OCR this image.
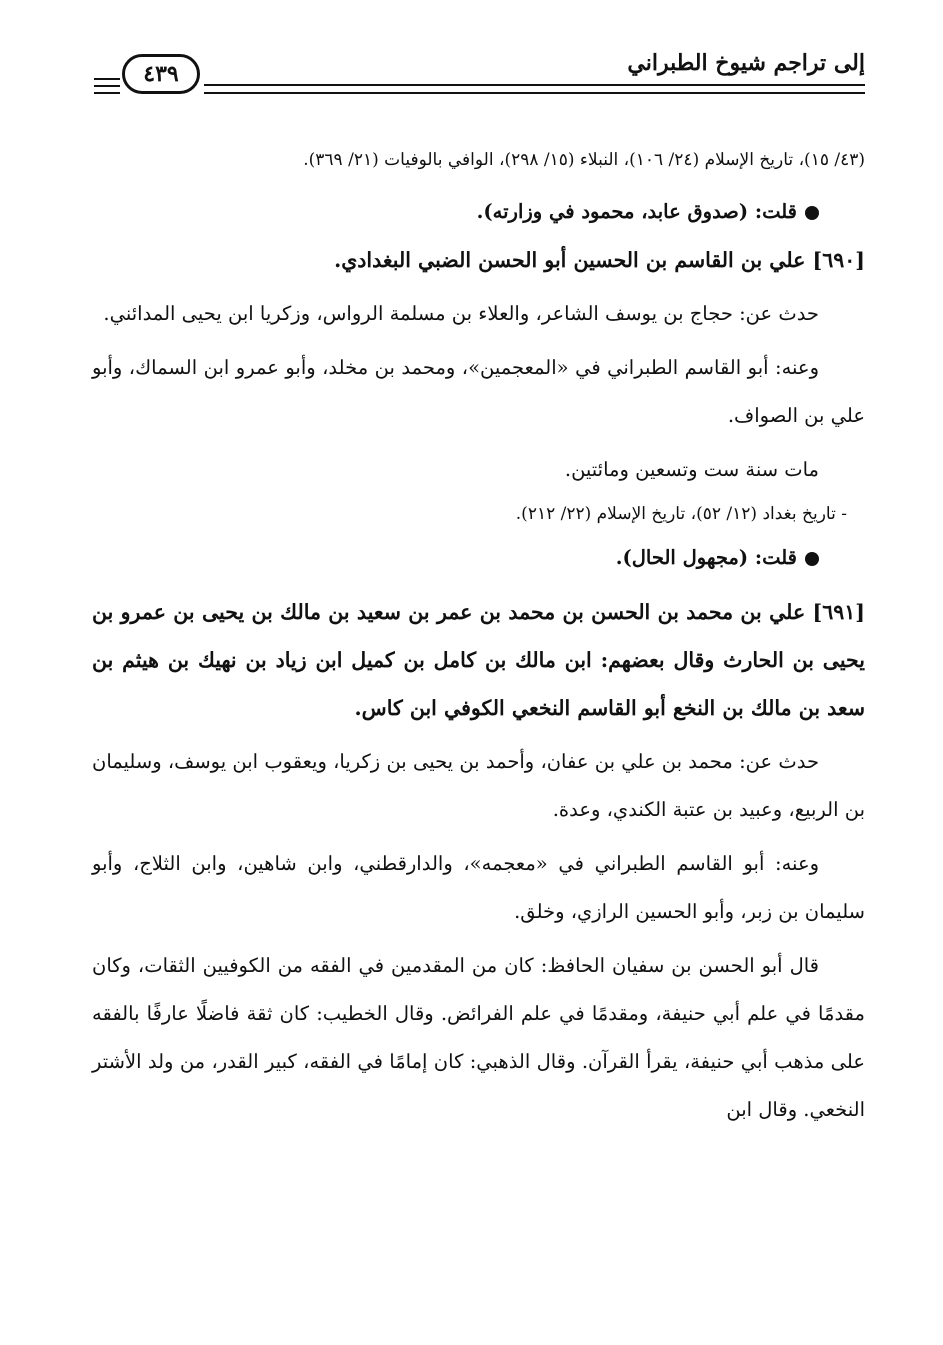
إلى تراجم شيوخ الطبراني
٤٣٩

(٤٣/ ١٥)، تاريخ الإسلام (٢٤/ ١٠٦)، النبلاء (١٥/ ٢٩٨)، الوافي بالوفيات (٢١/ ٣٦٩).

قلت: (صدوق عابد، محمود في وزارته).

[٦٩٠] علي بن القاسم بن الحسين أبو الحسن الضبي البغدادي.

حدث عن: حجاج بن يوسف الشاعر، والعلاء بن مسلمة الرواس، وزكريا ابن يحيى المدائني.

وعنه: أبو القاسم الطبراني في «المعجمين»، ومحمد بن مخلد، وأبو عمرو ابن السماك، وأبو علي بن الصواف.

مات سنة ست وتسعين ومائتين.

- تاريخ بغداد (١٢/ ٥٢)، تاريخ الإسلام (٢٢/ ٢١٢).

قلت: (مجهول الحال).

[٦٩١] علي بن محمد بن الحسن بن محمد بن عمر بن سعيد بن مالك بن يحيى بن عمرو بن يحيى بن الحارث وقال بعضهم: ابن مالك بن كامل بن كميل ابن زياد بن نهيك بن هيثم بن سعد بن مالك بن النخع أبو القاسم النخعي الكوفي ابن كاس.

حدث عن: محمد بن علي بن عفان، وأحمد بن يحيى بن زكريا، ويعقوب ابن يوسف، وسليمان بن الربيع، وعبيد بن عتبة الكندي، وعدة.

وعنه: أبو القاسم الطبراني في «معجمه»، والدارقطني، وابن شاهين، وابن الثلاج، وأبو سليمان بن زبر، وأبو الحسين الرازي، وخلق.

قال أبو الحسن بن سفيان الحافظ: كان من المقدمين في الفقه من الكوفيين الثقات، وكان مقدمًا في علم أبي حنيفة، ومقدمًا في علم الفرائض. وقال الخطيب: كان ثقة فاضلًا عارفًا بالفقه على مذهب أبي حنيفة، يقرأ القرآن. وقال الذهبي: كان إمامًا في الفقه، كبير القدر، من ولد الأشتر النخعي. وقال ابن
